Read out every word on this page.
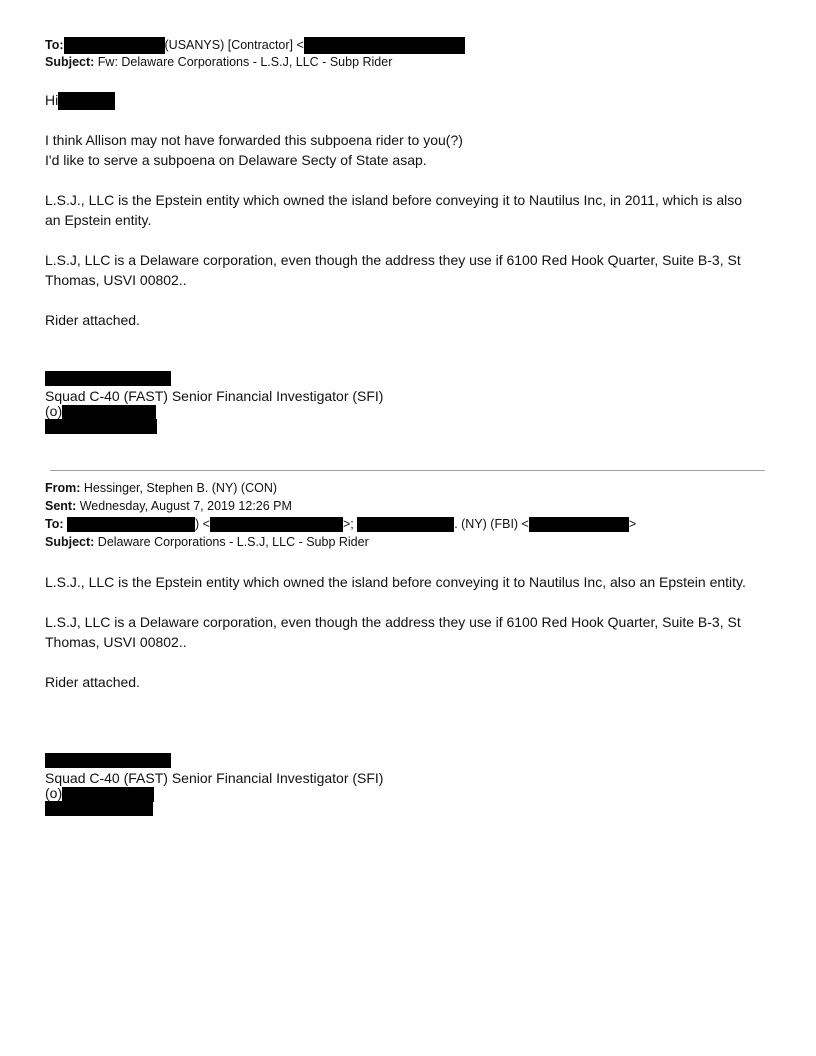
To:	(USANYS) [Contractor] <
Subject: Fw: Delaware Corporations - L.S.J, LLC - Subp Rider
Hi
I think Allison may not have forwarded this subpoena rider to you(?)
I'd like to serve a subpoena on Delaware Secty of State asap.
L.S.J., LLC is the Epstein entity which owned the island before conveying it to Nautilus Inc, in 2011, which is also
an Epstein entity.
L.S.J, LLC is a Delaware corporation, even though the address they use if 6100 Red Hook Quarter, Suite B-3, St
Thomas, USVI 00802..
Rider attached.
Squad C-40 (FAST) Senior Financial Investigator (SFI)
(o)
From: Hessinger, Stephen B. (NY) (CON)
Sent: Wednesday, August 7, 2019 12:26 PM
To:	) <	>;	. (NY) (FBI) <	>
Subject: Delaware Corporations - L.S.J, LLC - Subp Rider
L.S.J., LLC is the Epstein entity which owned the island before conveying it to Nautilus Inc, also an Epstein entity.
L.S.J, LLC is a Delaware corporation, even though the address they use if 6100 Red Hook Quarter, Suite B-3, St
Thomas, USVI 00802..
Rider attached.
Squad C-40 (FAST) Senior Financial Investigator (SFI)
(o)
